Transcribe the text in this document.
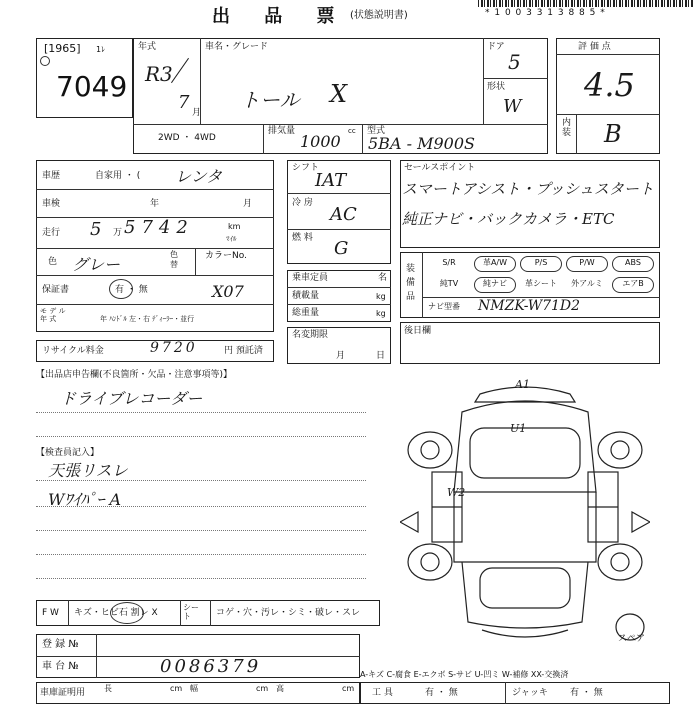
出 品 票 (状態説明書)	* 1 0 0 3 3 1 3 8 8 5 *
[1965] 1ﾚ
7049
年式	車名・グレード	ドア
形状
2WD ・ 4WD
排気量	cc 型式
R3
7 月
トール X
5
W
1000 5BA - M900S
評 価 点
内
装
4.5
B
車歴	自家用 ・ ( レンタ
車検	年	月
走行 5 万 5742	km
ﾏｲﾙ
色 グレー
色
替
カラーNo.
保証書	有 ・ 無	X07
モ デ ル
年 式	年 ﾊﾝﾄﾞﾙ 左・右 ﾃﾞｨｰﾗｰ・並行
リサイクル料金	9720	円 預託済
シフト
IAT
冷 房
AC
燃 料 G
乗車定員	名
積載量	kg
総重量	kg
名変期限
月	日
セールスポイント
スマートアシスト・プッシュスタート
純正ナビ・バックカメラ・ETC
装
備
品
S/R	革A/W	P/S	P/W	ABS
純TV	純ナビ	革シート	外アルミ	エアB
ナビ型番 NMZK-W71D2
後日欄
【出品店申告欄(不良箇所・欠品・注意事項等)】
ドライブレコーダー
【検査員記入】
天張リスレ
Wﾜｲﾊﾟｰ A
A1
U1
W2
スペア
F W キズ・ヒビ石 割レ X
シー
ト	コゲ・穴・汚レ・シミ・破レ・スレ
登 録 №
車 台 №	0086379
車庫証明用 長	cm 幅	cm 高	cm
A-キズ C-腐食 E-エクボ S-サビ U-凹ミ W-補修 XX-交換済
工 具	有 ・ 無	ジャッキ 有 ・ 無
